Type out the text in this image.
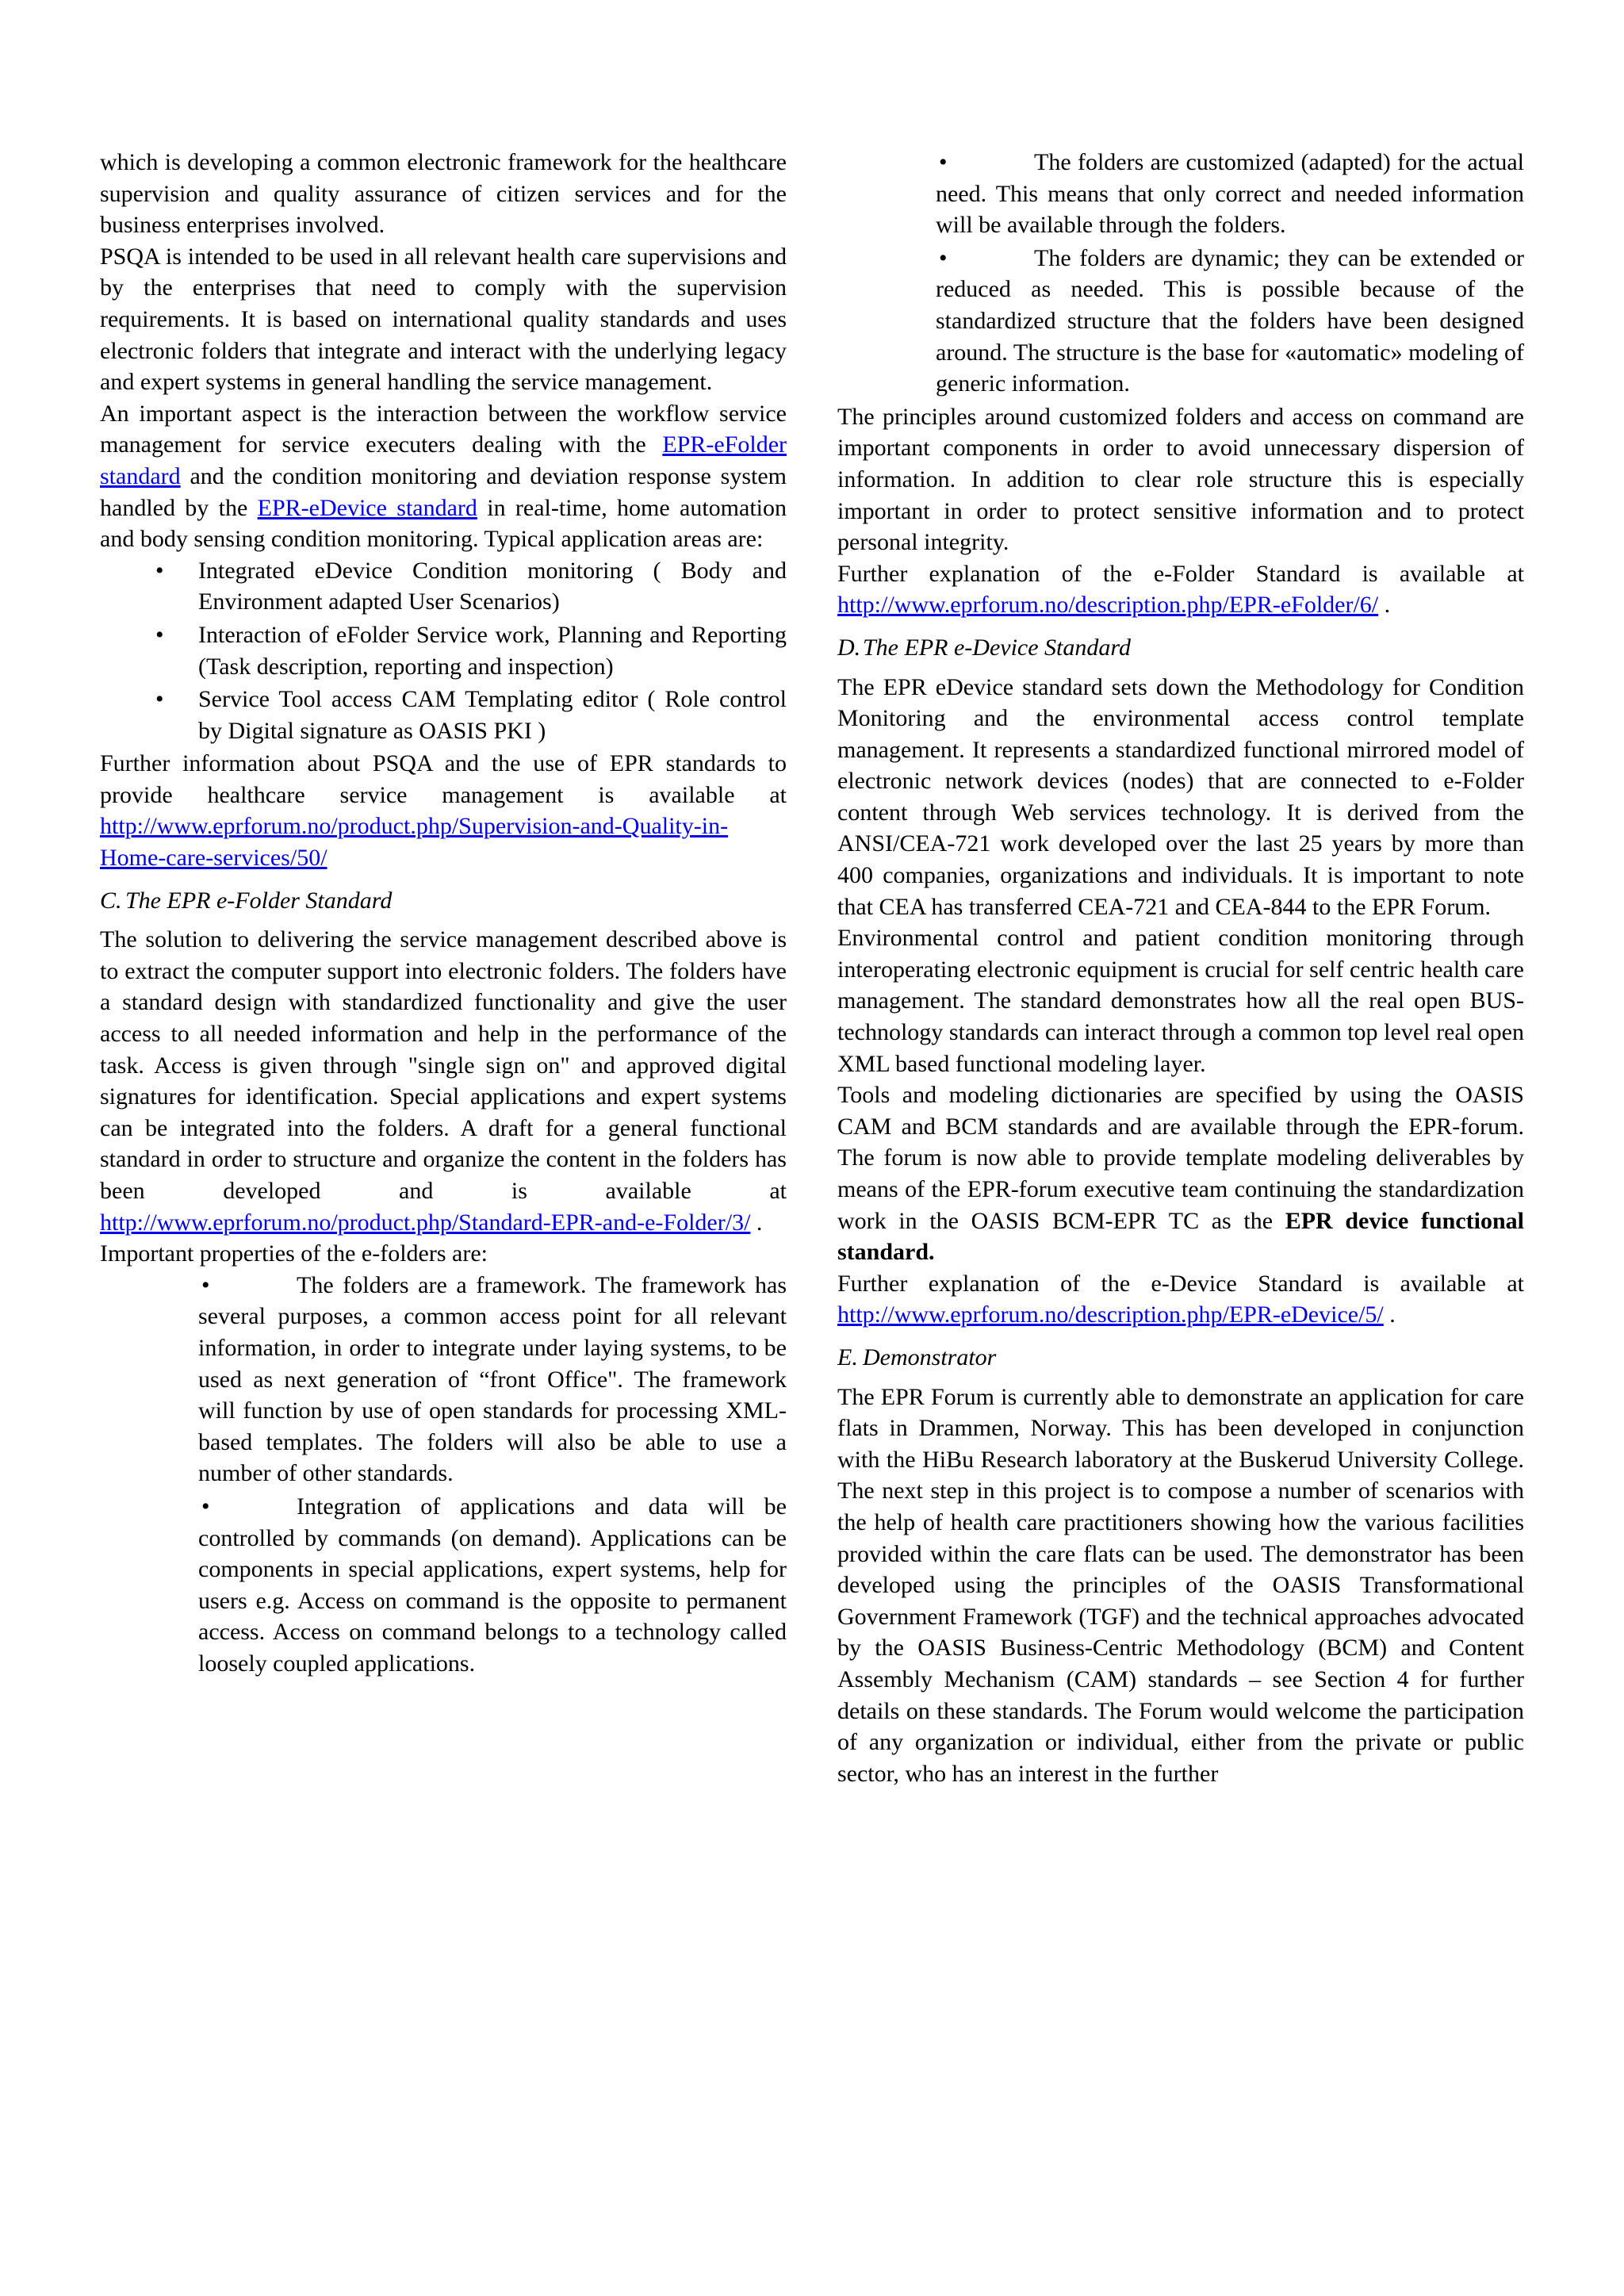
which is developing a common electronic framework for the healthcare supervision and quality assurance of citizen services and for the business enterprises involved.

PSQA is intended to be used in all relevant health care supervisions and by the enterprises that need to comply with the supervision requirements. It is based on international quality standards and uses electronic folders that integrate and interact with the underlying legacy and expert systems in general handling the service management.

An important aspect is the interaction between the workflow service management for service executers dealing with the EPR-eFolder standard and the condition monitoring and deviation response system handled by the EPR-eDevice standard in real-time, home automation and body sensing condition monitoring. Typical application areas are:

• Integrated eDevice Condition monitoring ( Body and Environment adapted User Scenarios)
• Interaction of eFolder Service work, Planning and Reporting (Task description, reporting and inspection)
• Service Tool access CAM Templating editor ( Role control by Digital signature as OASIS PKI )

Further information about PSQA and the use of EPR standards to provide healthcare service management is available at http://www.eprforum.no/product.php/Supervision-and-Quality-in-Home-care-services/50/

C. The EPR e-Folder Standard

The solution to delivering the service management described above is to extract the computer support into electronic folders. The folders have a standard design with standardized functionality and give the user access to all needed information and help in the performance of the task. Access is given through "single sign on" and approved digital signatures for identification. Special applications and expert systems can be integrated into the folders. A draft for a general functional standard in order to structure and organize the content in the folders has been developed and is available at http://www.eprforum.no/product.php/Standard-EPR-and-e-Folder/3/ .

Important properties of the e-folders are:

•	The folders are a framework. The framework has several purposes, a common access point for all relevant information, in order to integrate under laying systems, to be used as next generation of “front Office". The framework will function by use of open standards for processing XML-based templates. The folders will also be able to use a number of other standards.
•	Integration of applications and data will be controlled by commands (on demand). Applications can be components in special applications, expert systems, help for users e.g. Access on command is the opposite to permanent access. Access on command belongs to a technology called loosely coupled applications.
•	The folders are customized (adapted) for the actual need. This means that only correct and needed information will be available through the folders.
•	The folders are dynamic; they can be extended or reduced as needed. This is possible because of the standardized structure that the folders have been designed around. The structure is the base for «automatic» modeling of generic information.

The principles around customized folders and access on command are important components in order to avoid unnecessary dispersion of information. In addition to clear role structure this is especially important in order to protect sensitive information and to protect personal integrity.

Further explanation of the e-Folder Standard is available at http://www.eprforum.no/description.php/EPR-eFolder/6/ .

D.The EPR e-Device Standard

The EPR eDevice standard sets down the Methodology for Condition Monitoring and the environmental access control template management. It represents a standardized functional mirrored model of electronic network devices (nodes) that are connected to e-Folder content through Web services technology. It is derived from the ANSI/CEA-721 work developed over the last 25 years by more than 400 companies, organizations and individuals. It is important to note that CEA has transferred CEA-721 and CEA-844 to the EPR Forum.

Environmental control and patient condition monitoring through interoperating electronic equipment is crucial for self centric health care management. The standard demonstrates how all the real open BUS-technology standards can interact through a common top level real open XML based functional modeling layer.

Tools and modeling dictionaries are specified by using the OASIS CAM and BCM standards and are available through the EPR-forum. The forum is now able to provide template modeling deliverables by means of the EPR-forum executive team continuing the standardization work in the OASIS BCM-EPR TC as the EPR device functional standard.

Further explanation of the e-Device Standard is available at http://www.eprforum.no/description.php/EPR-eDevice/5/ .

E. Demonstrator

The EPR Forum is currently able to demonstrate an application for care flats in Drammen, Norway. This has been developed in conjunction with the HiBu Research laboratory at the Buskerud University College. The next step in this project is to compose a number of scenarios with the help of health care practitioners showing how the various facilities provided within the care flats can be used. The demonstrator has been developed using the principles of the OASIS Transformational Government Framework (TGF) and the technical approaches advocated by the OASIS Business-Centric Methodology (BCM) and Content Assembly Mechanism (CAM) standards – see Section 4 for further details on these standards. The Forum would welcome the participation of any organization or individual, either from the private or public sector, who has an interest in the further
